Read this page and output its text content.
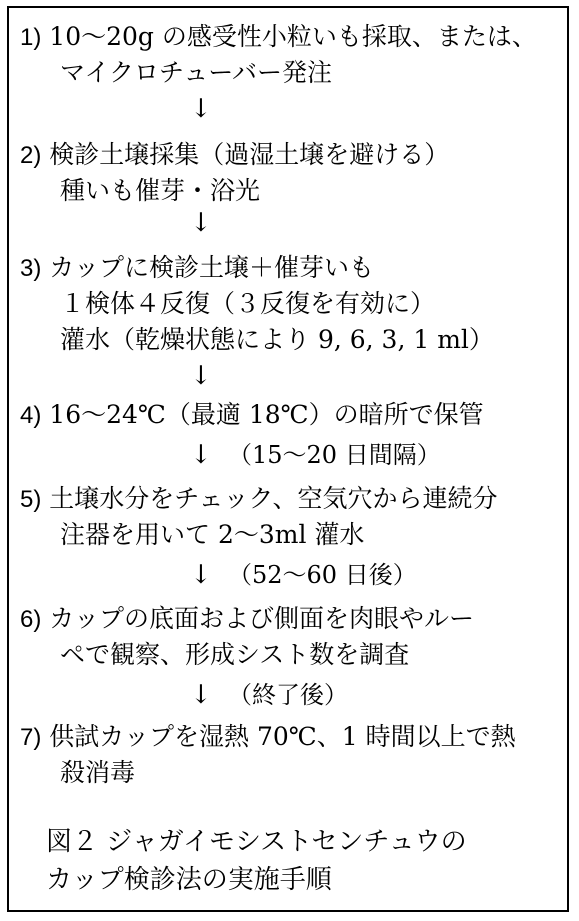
1) 10～20g の感受性小粒いも採取、または、
マイクロチューバー発注
↓
2) 検診土壌採集（過湿土壌を避ける）
種いも催芽・浴光
↓
3) カップに検診土壌＋催芽いも
１検体４反復（３反復を有効に）
灌水（乾燥状態により 9, 6, 3, 1 ml）
↓
4) 16～24℃（最適 18℃）の暗所で保管
↓ （15～20 日間隔）
5) 土壌水分をチェック、空気穴から連続分
注器を用いて 2～3ml 灌水
↓ （52～60 日後）
6) カップの底面および側面を肉眼やルー
ペで観察、形成シスト数を調査
↓ （終了後）
7) 供試カップを湿熱 70℃、1 時間以上で熱
殺消毒
図２ ジャガイモシストセンチュウの
カップ検診法の実施手順
